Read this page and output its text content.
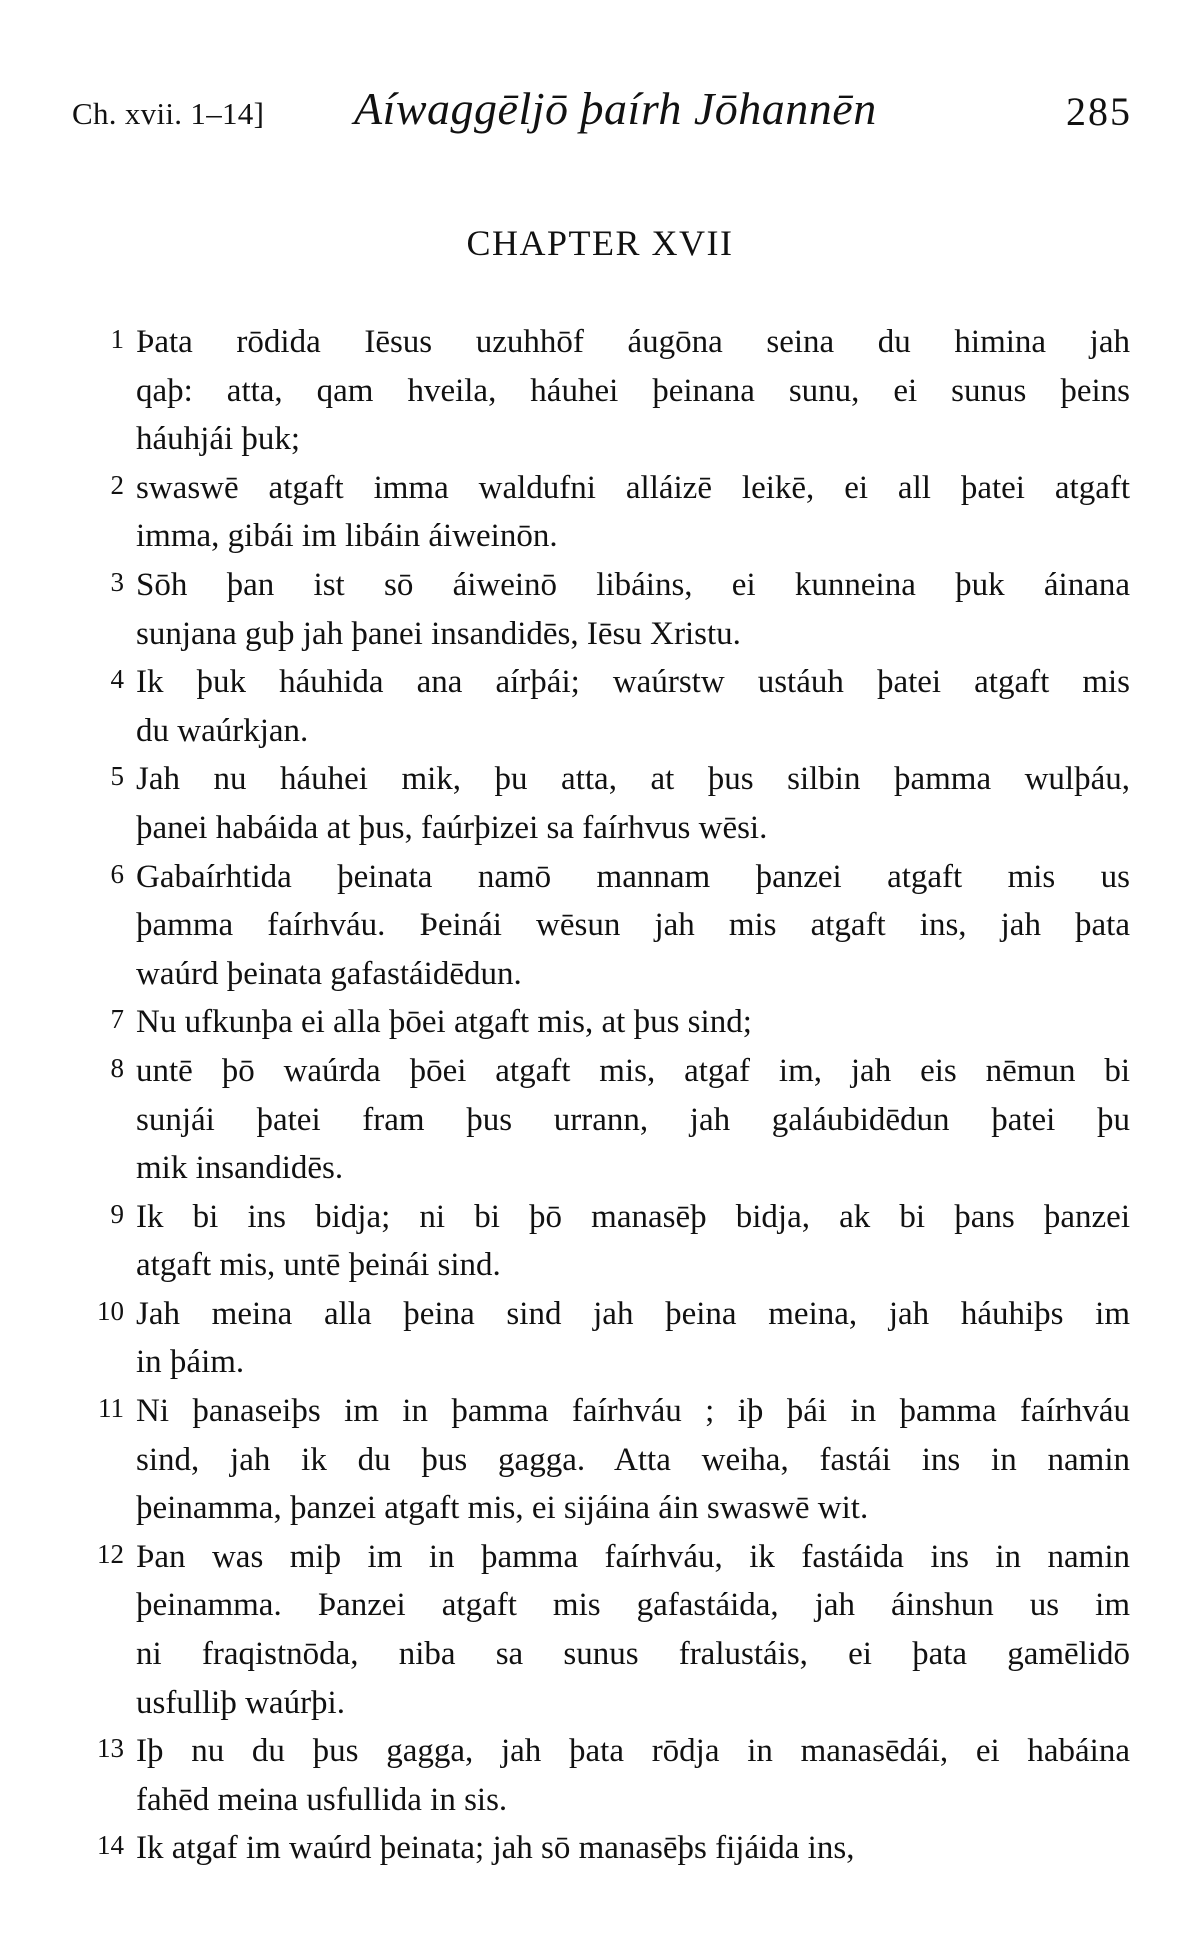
Ch. xvii. 1–14] Aíwaggēljō þaírh Jōhannēn	285
CHAPTER XVII
1 Þata rōdida Iēsus uzuhhōf áugōna seina du himina jah
qaþ: atta, qam hveila, háuhei þeinana sunu, ei sunus þeins
háuhjái þuk;
2 swaswē atgaft imma waldufni alláizē leikē, ei all þatei atgaft
imma, gibái im libáin áiweinōn.
3 Sōh þan ist sō áiweinō libáins, ei kunneina þuk áinana
sunjana guþ jah þanei insandidēs, Iēsu Xristu.
4 Ik þuk háuhida ana aírþái; waúrstw ustáuh þatei atgaft mis
du waúrkjan.
5 Jah nu háuhei mik, þu atta, at þus silbin þamma wulþáu,
þanei habáida at þus, faúrþizei sa faírhvus wēsi.
6 Gabaírhtida þeinata namō mannam þanzei atgaft mis us
þamma faírhváu. Þeinái wēsun jah mis atgaft ins, jah þata
waúrd þeinata gafastáidēdun.
7 Nu ufkunþa ei alla þōei atgaft mis, at þus sind;
8 untē þō waúrda þōei atgaft mis, atgaf im, jah eis nēmun bi
sunjái þatei fram þus urrann, jah galáubidēdun þatei þu
mik insandidēs.
9 Ik bi ins bidja; ni bi þō manasēþ bidja, ak bi þans þanzei
atgaft mis, untē þeinái sind.
10 Jah meina alla þeina sind jah þeina meina, jah háuhiþs im
in þáim.
11 Ni þanaseiþs im in þamma faírhváu ; iþ þái in þamma faírhváu
sind, jah ik du þus gagga. Atta weiha, fastái ins in namin
þeinamma, þanzei atgaft mis, ei sijáina áin swaswē wit.
12 Þan was miþ im in þamma faírhváu, ik fastáida ins in namin
þeinamma. Þanzei atgaft mis gafastáida, jah áinshun us im
ni fraqistnōda, niba sa sunus fralustáis, ei þata gamēlidō
usfulliþ waúrþi.
13 Iþ nu du þus gagga, jah þata rōdja in manasēdái, ei habáina
fahēd meina usfullida in sis.
14 Ik atgaf im waúrd þeinata; jah sō manasēþs fijáida ins,
